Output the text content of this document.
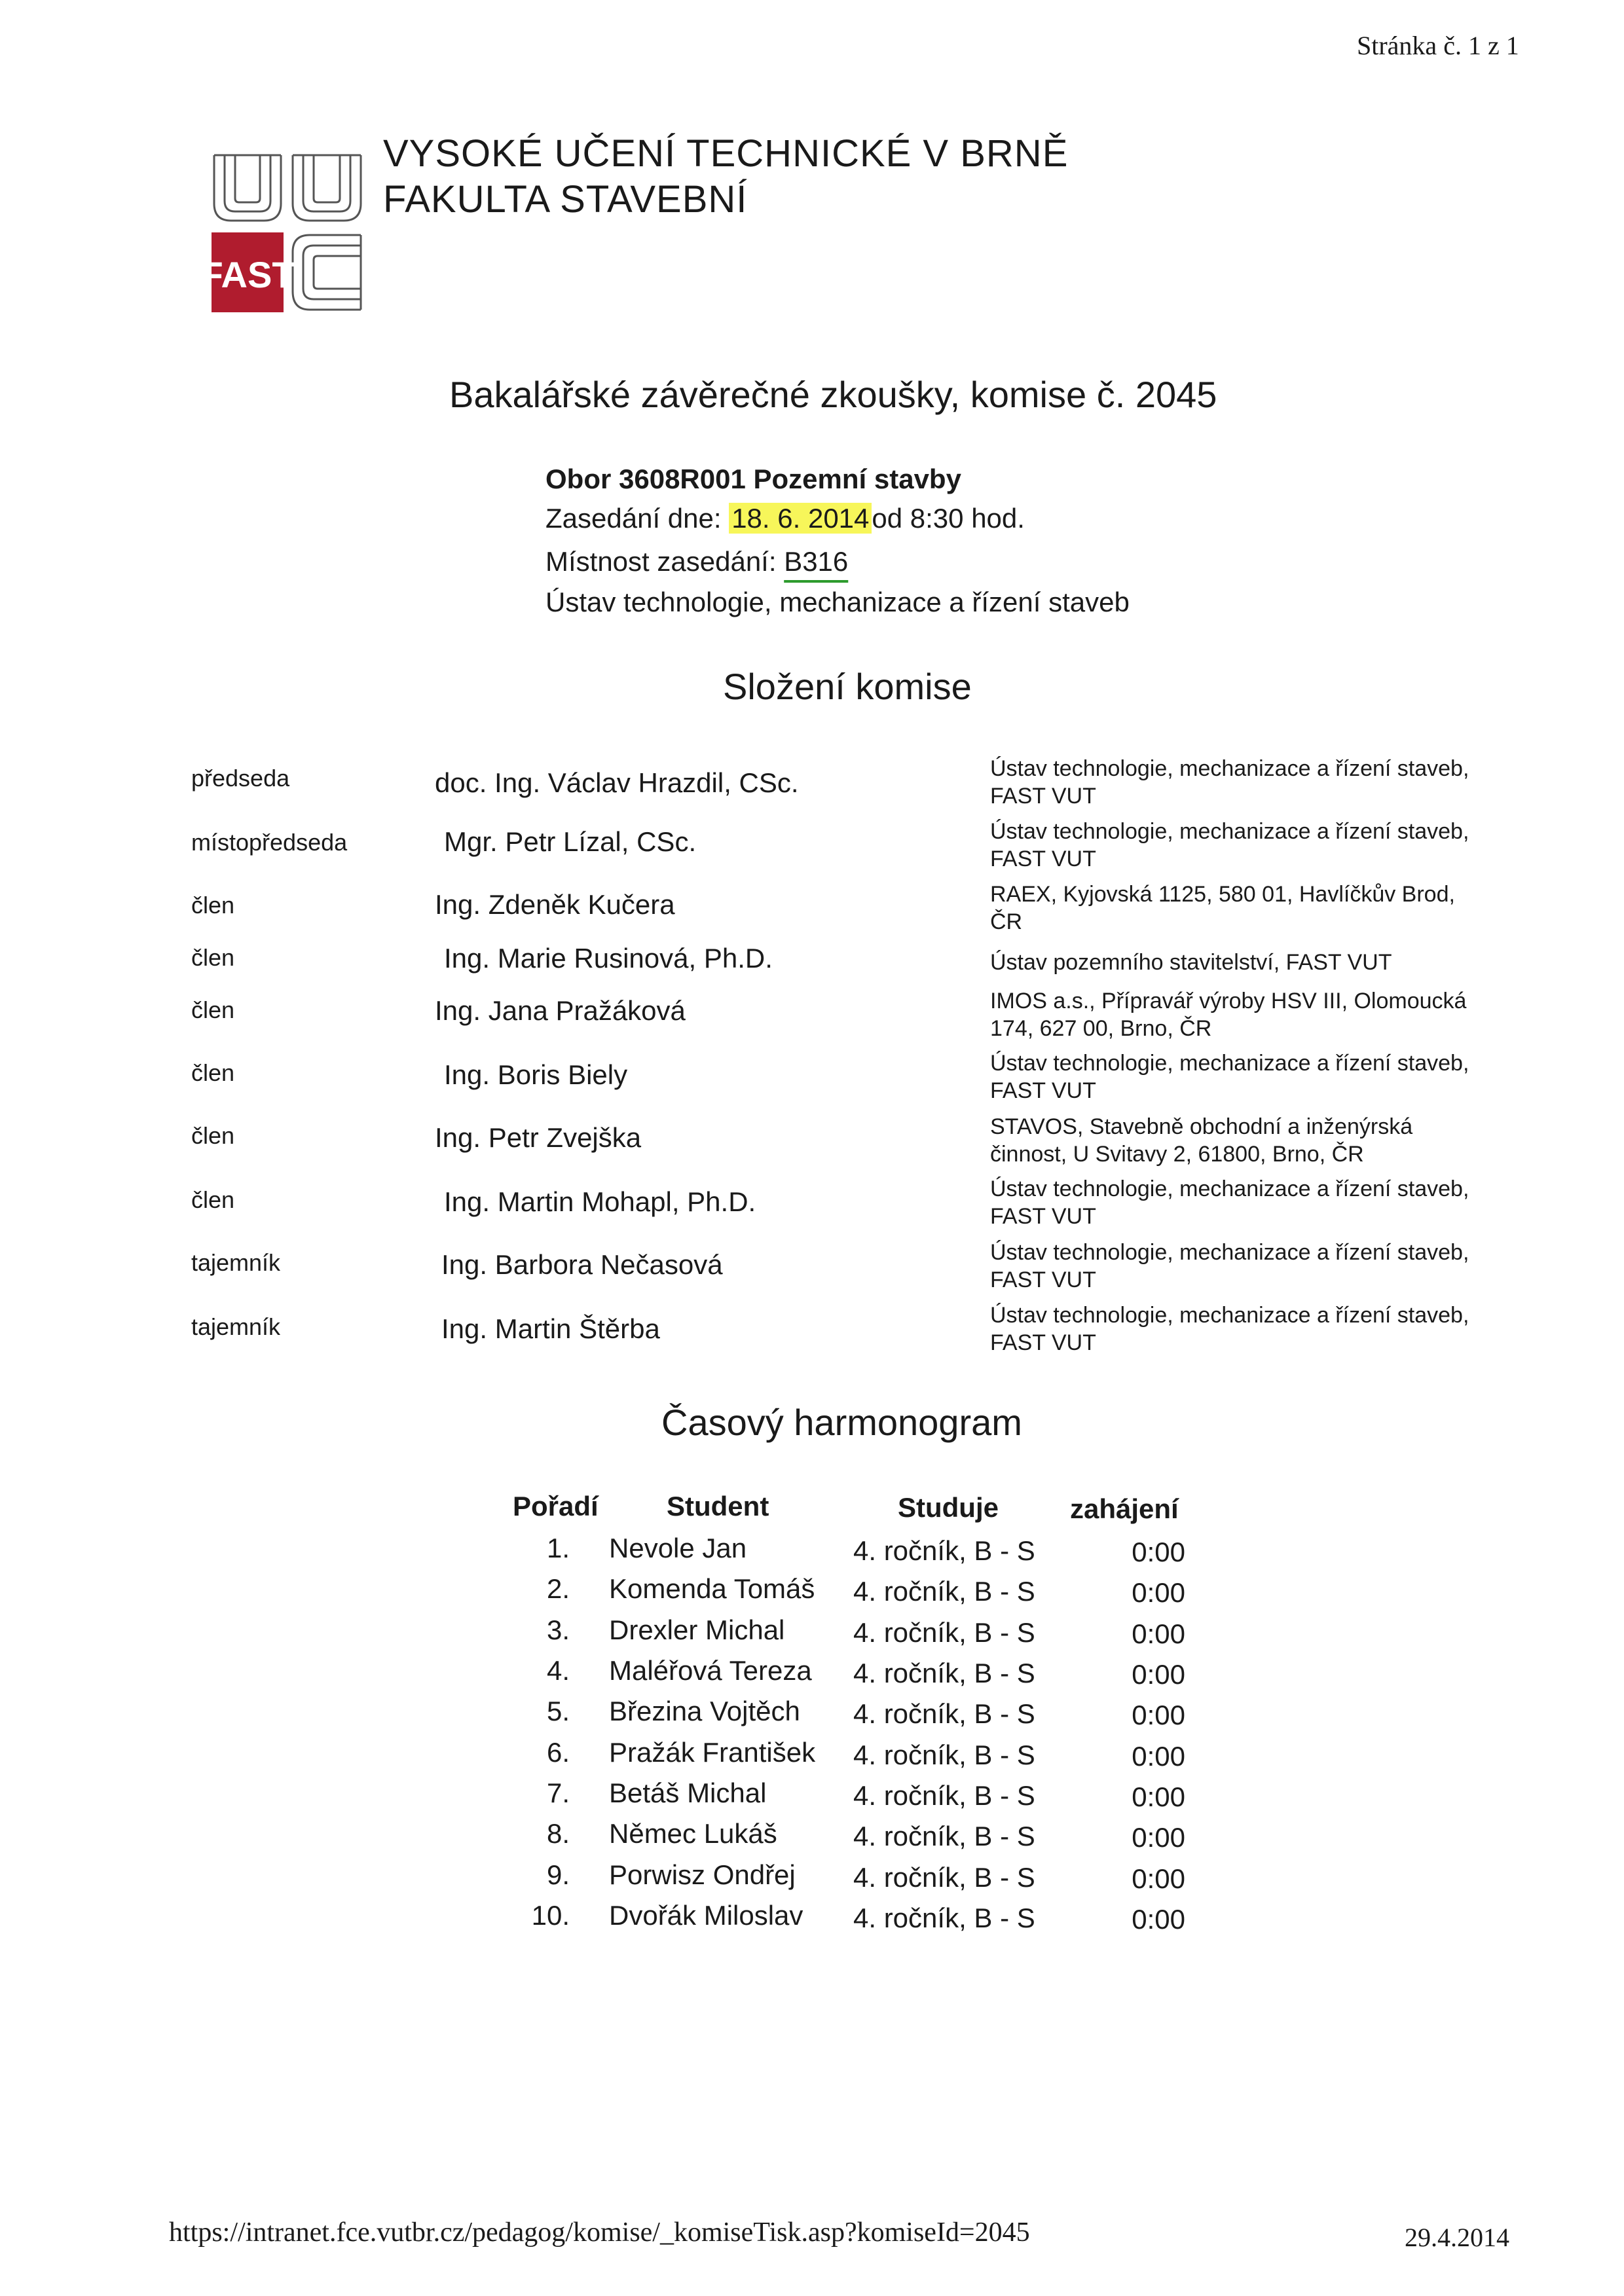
Stránka č. 1 z 1
FAST
VYSOKÉ UČENÍ TECHNICKÉ V BRNĚ
FAKULTA STAVEBNÍ
Bakalářské závěrečné zkoušky, komise č. 2045
Obor 3608R001 Pozemní stavby
Zasedání dne: 18. 6. 2014od 8:30 hod.
Místnost zasedání: B316
Ústav technologie, mechanizace a řízení staveb
Složení komise
předseda	doc. Ing. Václav Hrazdil, CSc.	Ústav technologie, mechanizace a řízení staveb,
FAST VUT
místopředseda	Mgr. Petr Lízal, CSc.	Ústav technologie, mechanizace a řízení staveb,
FAST VUT
člen	Ing. Zdeněk Kučera	RAEX, Kyjovská 1125, 580 01, Havlíčkův Brod,
ČR
člen	Ing. Marie Rusinová, Ph.D.	Ústav pozemního stavitelství, FAST VUT
člen	Ing. Jana Pražáková	IMOS a.s., Přípravář výroby HSV III, Olomoucká
174, 627 00, Brno, ČR
člen	Ing. Boris Biely	Ústav technologie, mechanizace a řízení staveb,
FAST VUT
člen	Ing. Petr Zvejška	STAVOS, Stavebně obchodní a inženýrská
činnost, U Svitavy 2, 61800, Brno, ČR
člen	Ing. Martin Mohapl, Ph.D.	Ústav technologie, mechanizace a řízení staveb,
FAST VUT
tajemník	Ing. Barbora Nečasová	Ústav technologie, mechanizace a řízení staveb,
FAST VUT
tajemník	Ing. Martin Štěrba	Ústav technologie, mechanizace a řízení staveb,
FAST VUT
Časový harmonogram
Pořadí Student	Studuje	zahájení
1. Nevole Jan	4. ročník, B - S	0:00
2. Komenda Tomáš 4. ročník, B - S	0:00
3. Drexler Michal 4. ročník, B - S	0:00
4. Maléřová Tereza 4. ročník, B - S	0:00
5. Březina Vojtěch 4. ročník, B - S	0:00
6. Pražák František 4. ročník, B - S	0:00
7. Betáš Michal	4. ročník, B - S	0:00
8. Němec Lukáš	4. ročník, B - S	0:00
9. Porwisz Ondřej 4. ročník, B - S	0:00
10. Dvořák Miloslav 4. ročník, B - S	0:00
https://intranet.fce.vutbr.cz/pedagog/komise/_komiseTisk.asp?komiseId=2045	29.4.2014
